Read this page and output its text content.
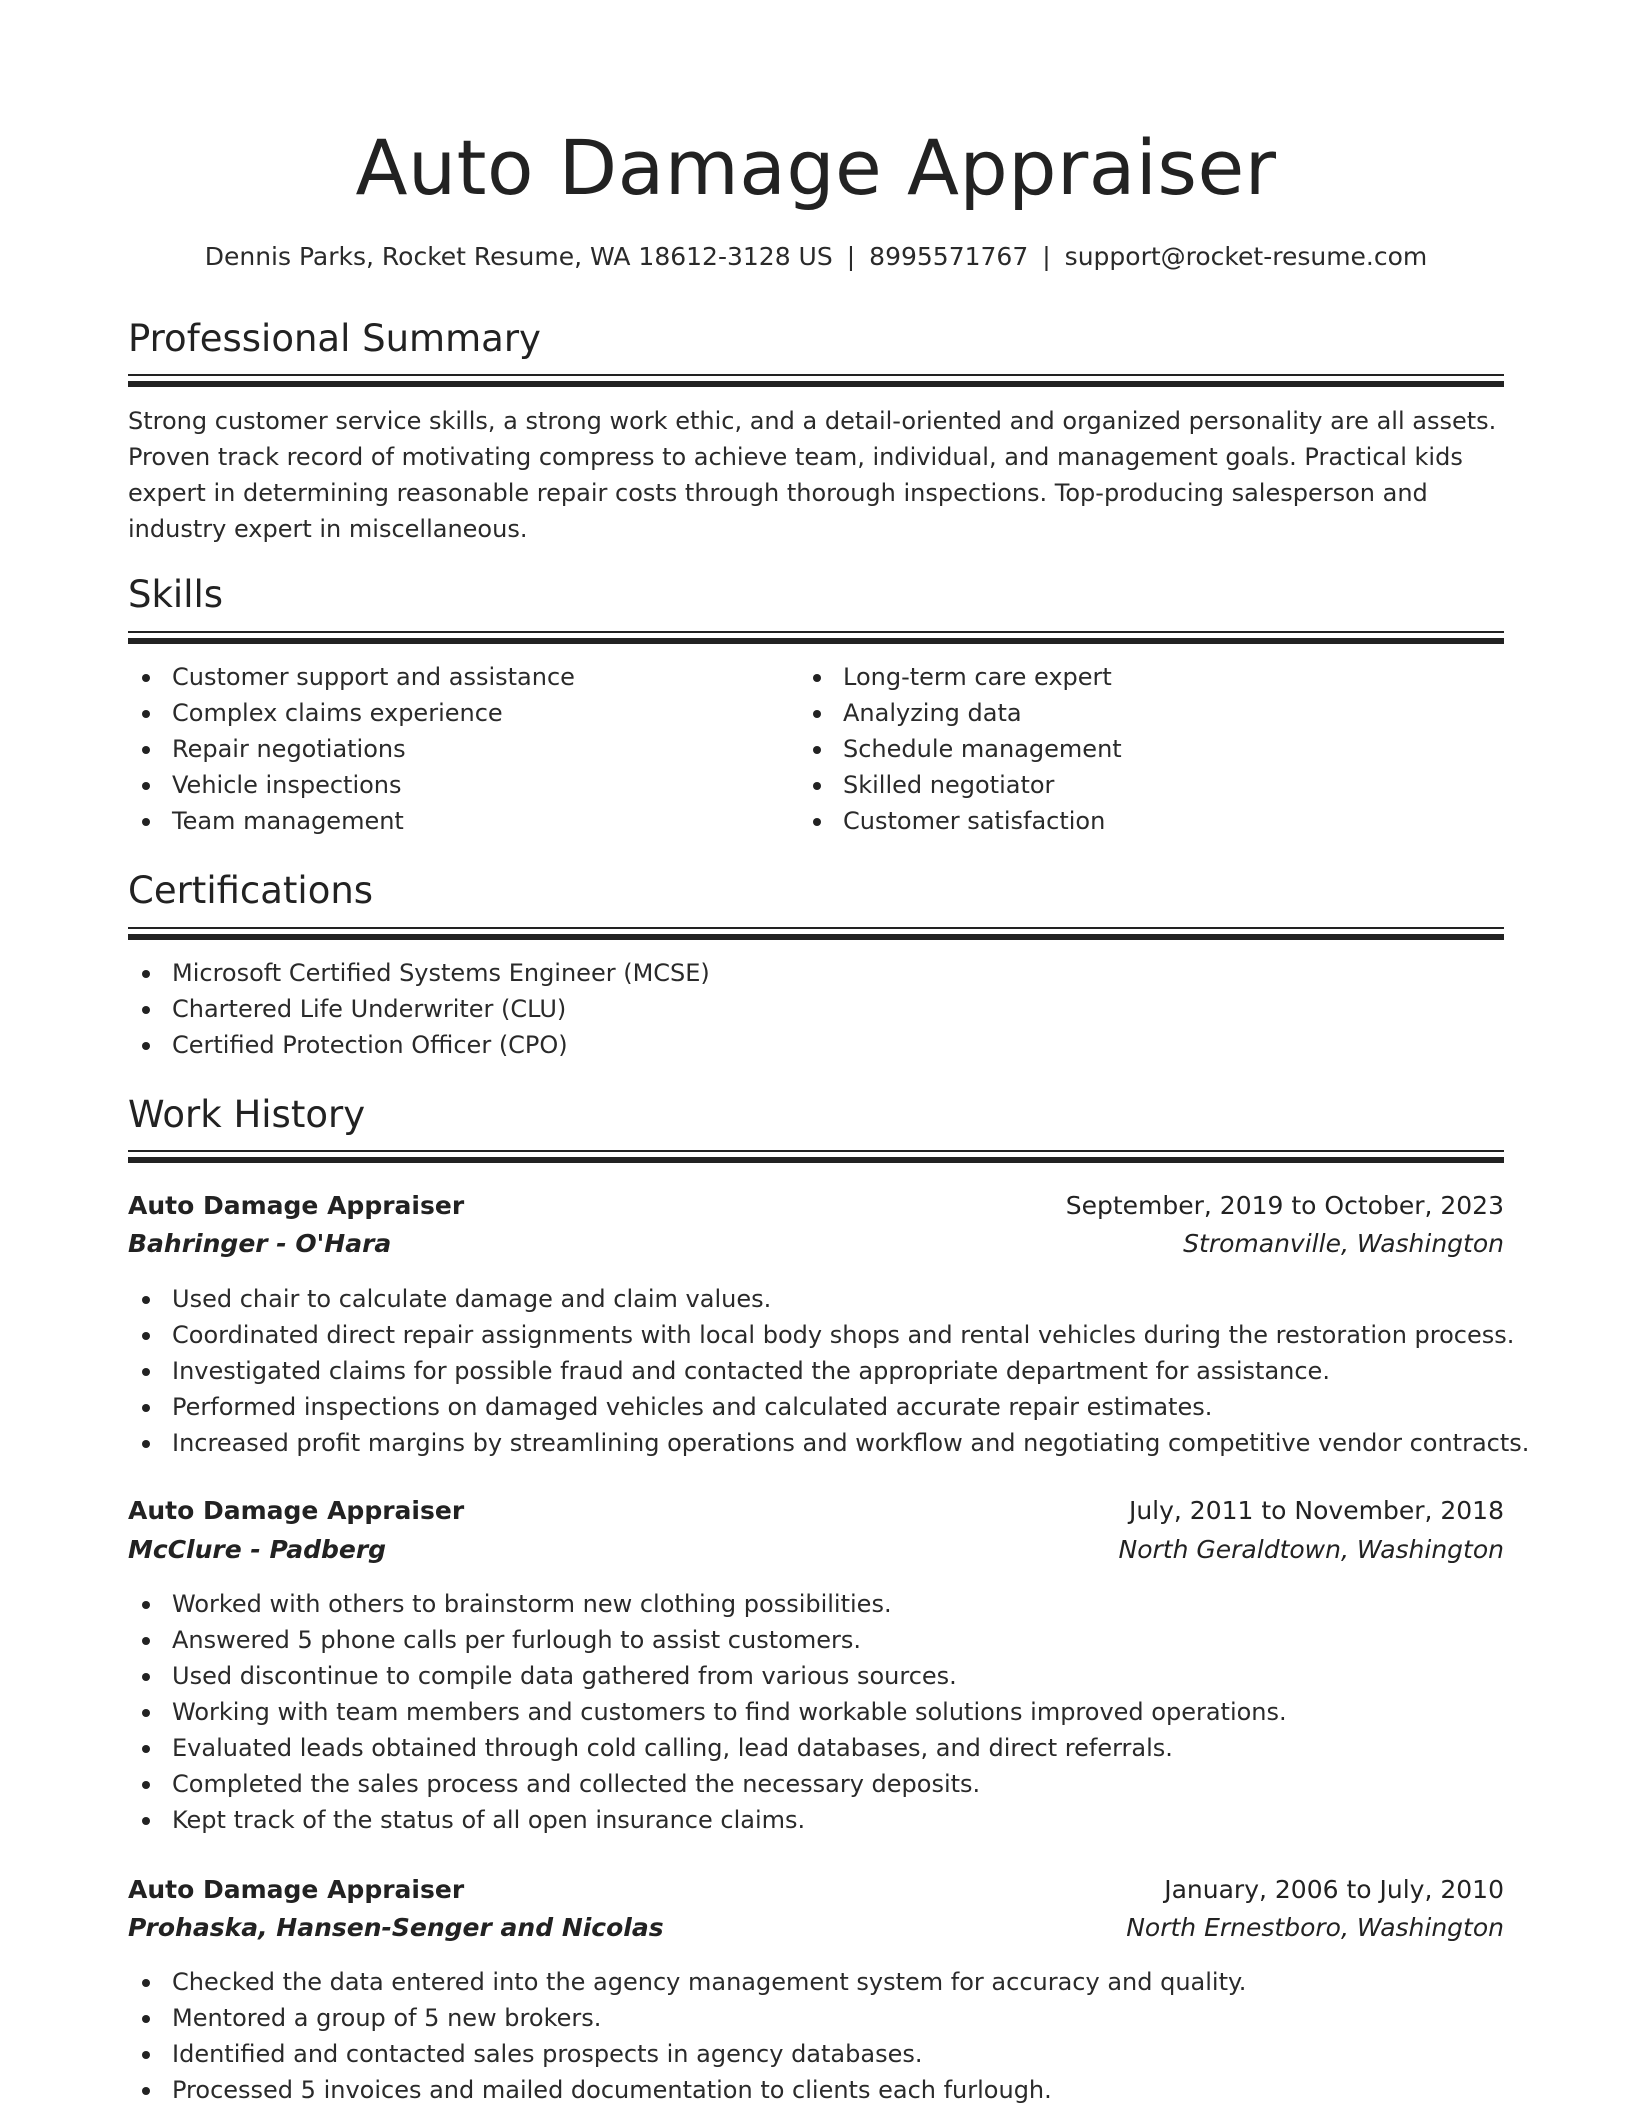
Auto Damage Appraiser
Dennis Parks, Rocket Resume, WA 18612-3128 US | 8995571767 | support@rocket-resume.com
Professional Summary
Strong customer service skills, a strong work ethic, and a detail-oriented and organized personality are all assets. Proven track record of motivating compress to achieve team, individual, and management goals. Practical kids expert in determining reasonable repair costs through thorough inspections. Top-producing salesperson and industry expert in miscellaneous.
Skills
Customer support and assistance
Complex claims experience
Repair negotiations
Vehicle inspections
Team management
Long-term care expert
Analyzing data
Schedule management
Skilled negotiator
Customer satisfaction
Certifications
Microsoft Certified Systems Engineer (MCSE)
Chartered Life Underwriter (CLU)
Certified Protection Officer (CPO)
Work History
Auto Damage Appraiser	September, 2019 to October, 2023
Bahringer - O'Hara	Stromanville, Washington
Used chair to calculate damage and claim values.
Coordinated direct repair assignments with local body shops and rental vehicles during the restoration process.
Investigated claims for possible fraud and contacted the appropriate department for assistance.
Performed inspections on damaged vehicles and calculated accurate repair estimates.
Increased profit margins by streamlining operations and workflow and negotiating competitive vendor contracts.
Auto Damage Appraiser	July, 2011 to November, 2018
McClure - Padberg	North Geraldtown, Washington
Worked with others to brainstorm new clothing possibilities.
Answered 5 phone calls per furlough to assist customers.
Used discontinue to compile data gathered from various sources.
Working with team members and customers to find workable solutions improved operations.
Evaluated leads obtained through cold calling, lead databases, and direct referrals.
Completed the sales process and collected the necessary deposits.
Kept track of the status of all open insurance claims.
Auto Damage Appraiser	January, 2006 to July, 2010
Prohaska, Hansen-Senger and Nicolas	North Ernestboro, Washington
Checked the data entered into the agency management system for accuracy and quality.
Mentored a group of 5 new brokers.
Identified and contacted sales prospects in agency databases.
Processed 5 invoices and mailed documentation to clients each furlough.
